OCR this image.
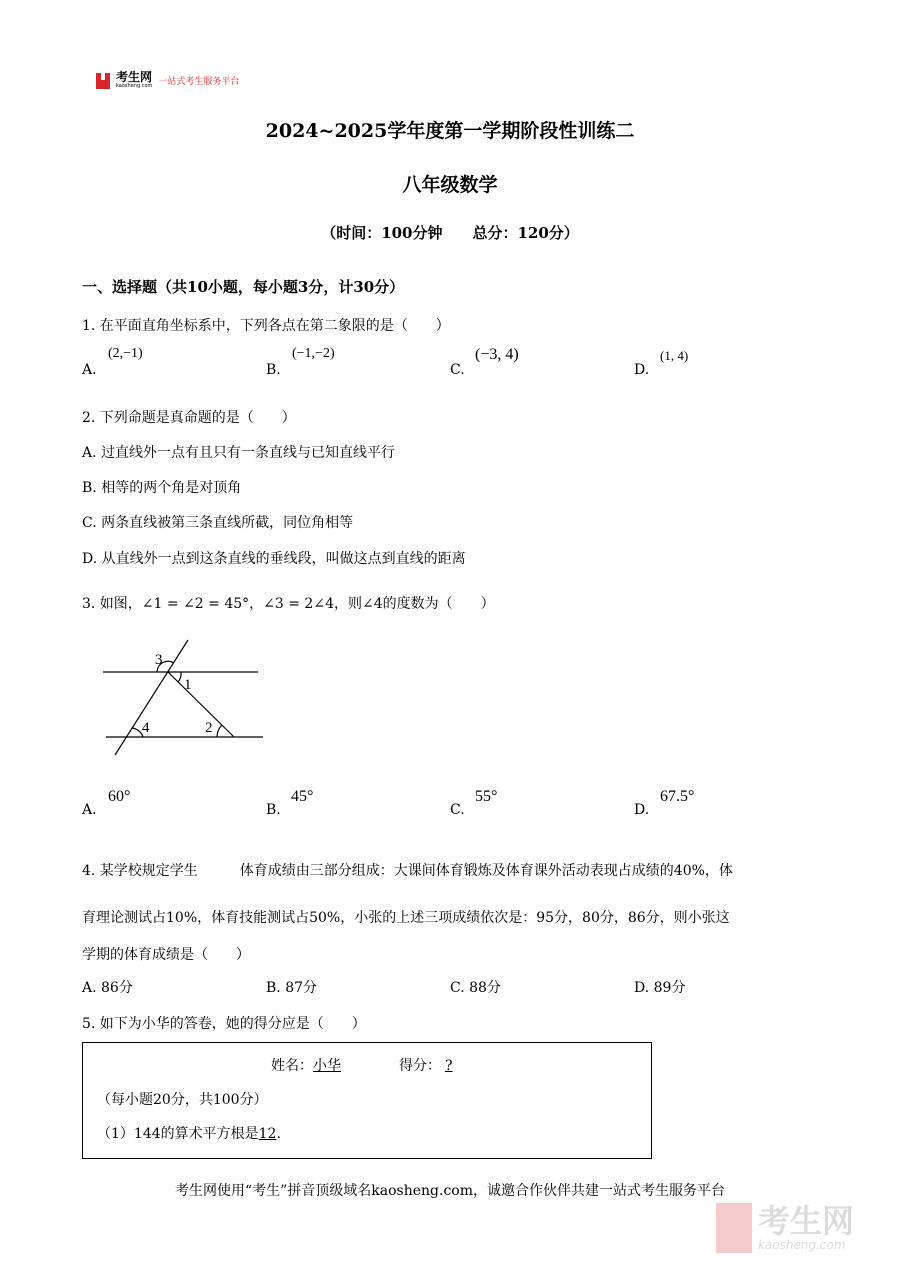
考生网
kaosheng.com 一站式考生服务平台
2024~2025学年度第一学期阶段性训练二
八年级数学
（时间：100分钟　　总分：120分）
一、选择题（共10小题，每小题3分，计30分）
1. 在平面直角坐标系中，下列各点在第二象限的是（　　）
A.
(2,−1)
B.
(−1,−2)
C.
(−3, 4)
D.
(1, 4)
2. 下列命题是真命题的是（　　）
A. 过直线外一点有且只有一条直线与已知直线平行
B. 相等的两个角是对顶角
C. 两条直线被第三条直线所截，同位角相等
D. 从直线外一点到这条直线的垂线段，叫做这点到直线的距离
3. 如图，∠1 = ∠2 = 45°，∠3 = 2∠4，则∠4的度数为（　　）
3
1
4	2
A.
60°
B.
45°
C.
55°
D.
67.5°
4. 某学校规定学生　　　体育成绩由三部分组成：大课间体育锻炼及体育课外活动表现占成绩的40%，体
育理论测试占10%，体育技能测试占50%，小张的上述三项成绩依次是：95分，80分，86分，则小张这
学期的体育成绩是（　　）
A. 86分	B. 87分	C. 88分	D. 89分
5. 如下为小华的答卷，她的得分应是（　　）
姓名：小华	得分： ?
（每小题20分，共100分）
（1）144的算术平方根是12.
考生网使用“考生”拼音顶级域名kaosheng.com，诚邀合作伙伴共建一站式考生服务平台
考生网
kaosheng.com
